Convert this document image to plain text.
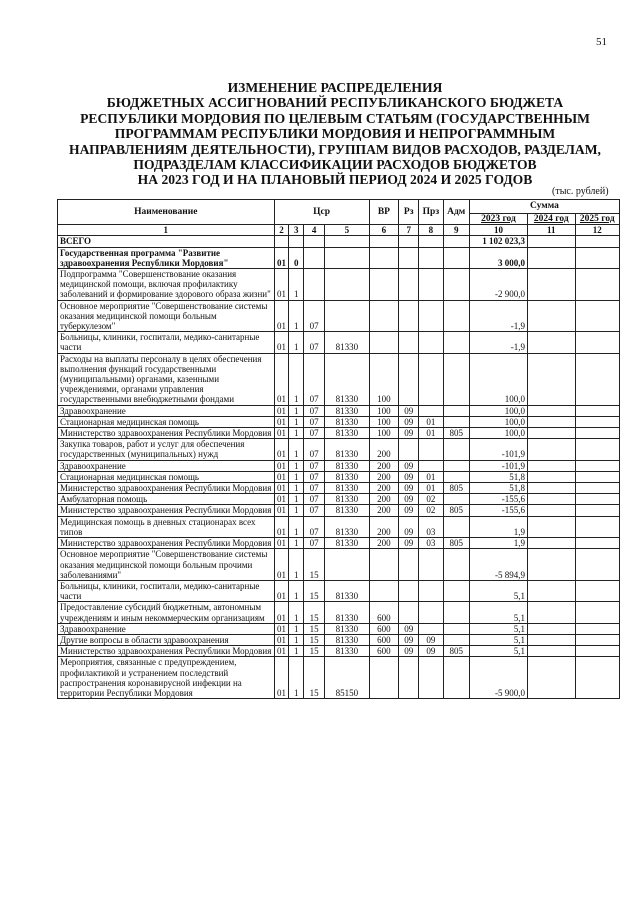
51
ИЗМЕНЕНИЕ РАСПРЕДЕЛЕНИЯ
БЮДЖЕТНЫХ АССИГНОВАНИЙ РЕСПУБЛИКАНСКОГО БЮДЖЕТА
РЕСПУБЛИКИ МОРДОВИЯ ПО ЦЕЛЕВЫМ СТАТЬЯМ (ГОСУДАРСТВЕННЫМ
ПРОГРАММАМ РЕСПУБЛИКИ МОРДОВИЯ И НЕПРОГРАММНЫМ
НАПРАВЛЕНИЯМ ДЕЯТЕЛЬНОСТИ), ГРУППАМ ВИДОВ РАСХОДОВ, РАЗДЕЛАМ,
ПОДРАЗДЕЛАМ КЛАССИФИКАЦИИ РАСХОДОВ БЮДЖЕТОВ
НА 2023 ГОД И НА ПЛАНОВЫЙ ПЕРИОД 2024 И 2025 ГОДОВ
(тыс. рублей)
Наименование	Цср				ВР	Рз	Прз	Адм	Сумма		
									2023 год	2024 год	2025 год
1	2	3	4	5	6	7	8	9	10	11	12
ВСЕГО									1 102 023,3		
Государственная программа "Развитие здравоохранения Республики Мордовия"	01	0							3 000,0		
Подпрограмма "Совершенствование оказания медицинской помощи, включая профилактику заболеваний и формирование здорового образа жизни"	01	1							-2 900,0		
Основное мероприятие "Совершенствование системы оказания медицинской помощи больным туберкулезом"	01	1	07						-1,9		
Больницы, клиники, госпитали, медико-санитарные части	01	1	07	81330					-1,9		
Расходы на выплаты персоналу в целях обеспечения выполнения функций государственными (муниципальными) органами, казенными учреждениями, органами управления государственными внебюджетными фондами	01	1	07	81330	100				100,0		
Здравоохранение	01	1	07	81330	100	09			100,0		
Стационарная медицинская помощь	01	1	07	81330	100	09	01		100,0		
Министерство здравоохранения Республики Мордовия	01	1	07	81330	100	09	01	805	100,0		
Закупка товаров, работ и услуг для обеспечения государственных (муниципальных) нужд	01	1	07	81330	200				-101,9		
Здравоохранение	01	1	07	81330	200	09			-101,9		
Стационарная медицинская помощь	01	1	07	81330	200	09	01		51,8		
Министерство здравоохранения Республики Мордовия	01	1	07	81330	200	09	01	805	51,8		
Амбулаторная помощь	01	1	07	81330	200	09	02		-155,6		
Министерство здравоохранения Республики Мордовия	01	1	07	81330	200	09	02	805	-155,6		
Медицинская помощь в дневных стационарах всех типов	01	1	07	81330	200	09	03		1,9		
Министерство здравоохранения Республики Мордовия	01	1	07	81330	200	09	03	805	1,9		
Основное мероприятие "Совершенствование системы оказания медицинской помощи больным прочими заболеваниями"	01	1	15						-5 894,9		
Больницы, клиники, госпитали, медико-санитарные части	01	1	15	81330					5,1		
Предоставление субсидий бюджетным, автономным учреждениям и иным некоммерческим организациям	01	1	15	81330	600				5,1		
Здравоохранение	01	1	15	81330	600	09			5,1		
Другие вопросы в области здравоохранения	01	1	15	81330	600	09	09		5,1		
Министерство здравоохранения Республики Мордовия	01	1	15	81330	600	09	09	805	5,1		
Мероприятия, связанные с предупреждением, профилактикой и устранением последствий распространения коронавирусной инфекции на территории Республики Мордовия	01	1	15	85150					-5 900,0		
